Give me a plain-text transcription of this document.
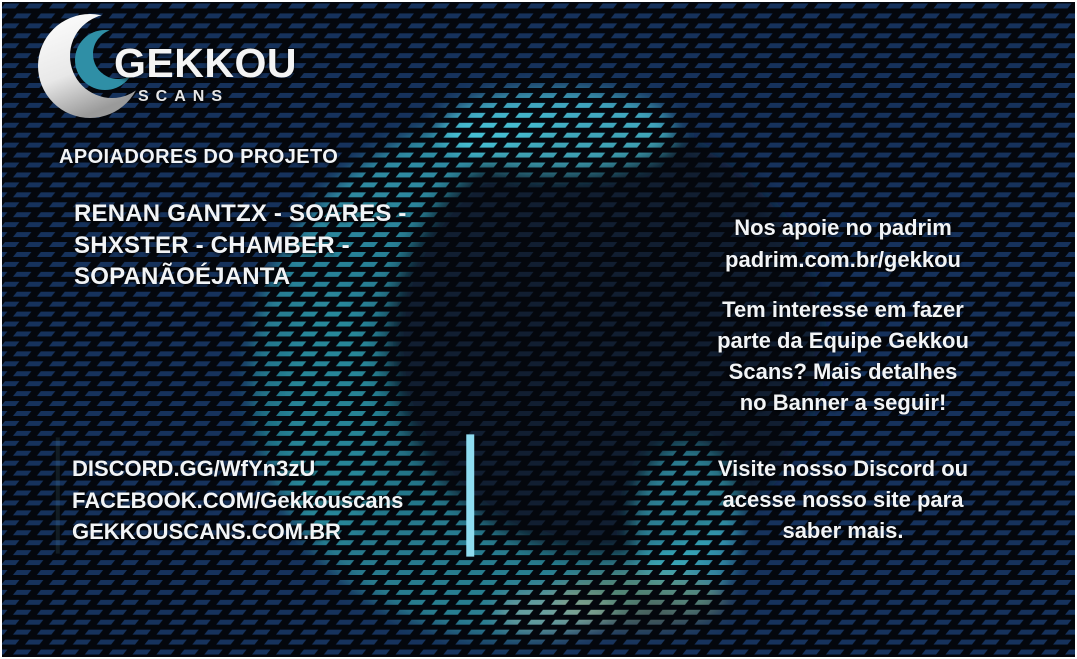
GEKKOU
SCANS
APOIADORES DO PROJETO
RENAN GANTZX - SOARES -
SHXSTER - CHAMBER -
SOPANÃOÉJANTA
DISCORD.GG/WfYn3zU
FACEBOOK.COM/Gekkouscans
GEKKOUSCANS.COM.BR
Nos apoie no padrim
padrim.com.br/gekkou
Tem interesse em fazer
parte da Equipe Gekkou
Scans? Mais detalhes
no Banner a seguir!
Visite nosso Discord ou
acesse nosso site para
saber mais.
